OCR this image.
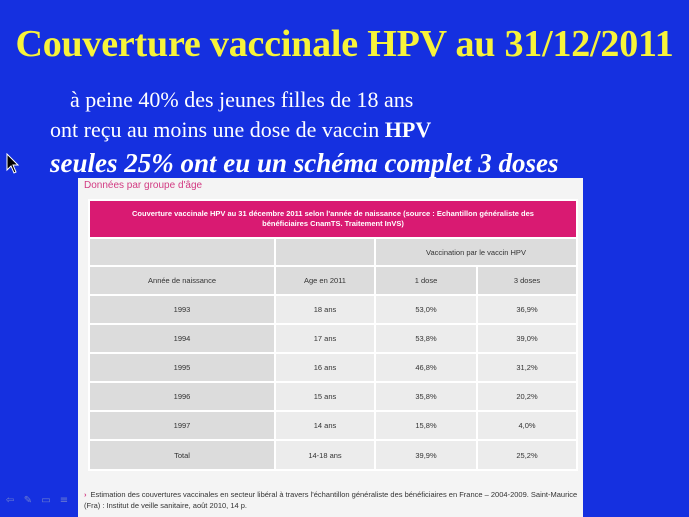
Couverture vaccinale HPV au 31/12/2011
à peine 40% des jeunes filles de 18 ans
ont reçu au moins une dose de vaccin HPV
seules 25% ont eu un schéma complet 3 doses
Données par groupe d'âge
Couverture vaccinale HPV au 31 décembre 2011 selon l'année de naissance (source : Echantillon généraliste des bénéficiaires CnamTS. Traitement InVS)			
		Vaccination par le vaccin HPV	
Année de naissance	Age en 2011	1 dose	3 doses
1993	18 ans	53,0%	36,9%
1994	17 ans	53,8%	39,0%
1995	16 ans	46,8%	31,2%
1996	15 ans	35,8%	20,2%
1997	14 ans	15,8%	4,0%
Total	14-18 ans	39,9%	25,2%
› Estimation des couvertures vaccinales en secteur libéral à travers l'échantillon généraliste des bénéficiaires en France – 2004-2009. Saint-Maurice (Fra) : Institut de veille sanitaire, août 2010, 14 p.
⇦ ✎ ▭ ≡
